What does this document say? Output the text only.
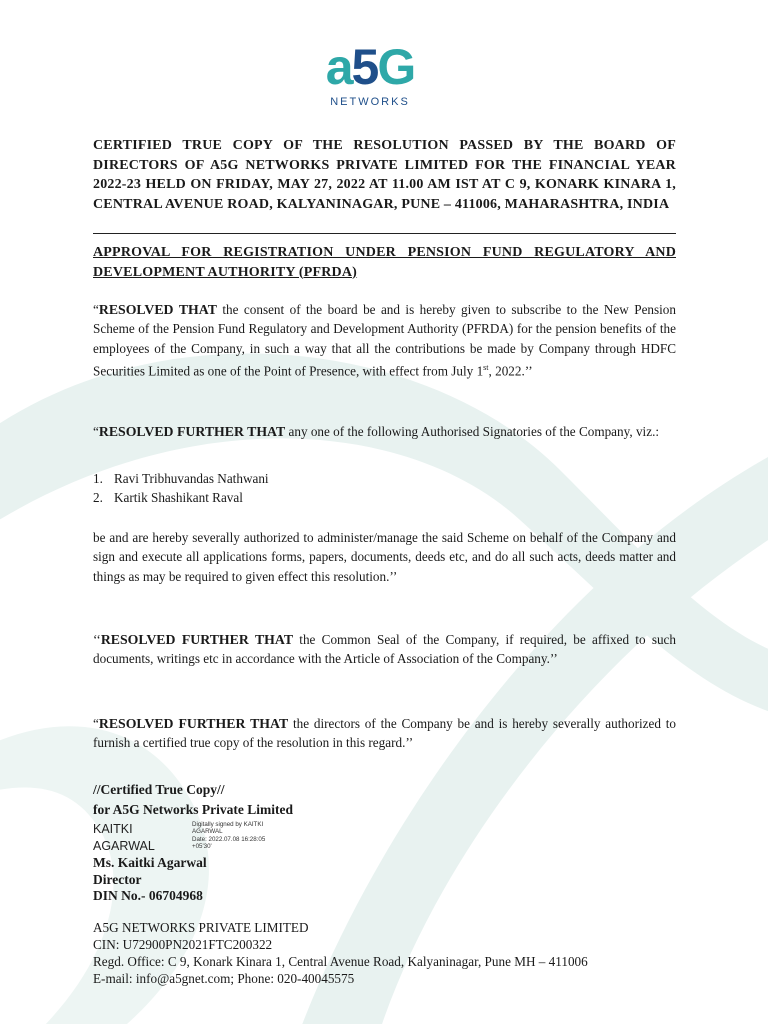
a5G
NETWORKS
CERTIFIED TRUE COPY OF THE RESOLUTION PASSED BY THE BOARD OF DIRECTORS OF A5G NETWORKS PRIVATE LIMITED FOR THE FINANCIAL YEAR 2022-23 HELD ON FRIDAY, MAY 27, 2022 AT 11.00 AM IST AT C 9, KONARK KINARA 1, CENTRAL AVENUE ROAD, KALYANINAGAR, PUNE – 411006, MAHARASHTRA, INDIA
APPROVAL FOR REGISTRATION UNDER PENSION FUND REGULATORY AND DEVELOPMENT AUTHORITY (PFRDA)

“RESOLVED THAT the consent of the board be and is hereby given to subscribe to the New Pension Scheme of the Pension Fund Regulatory and Development Authority (PFRDA) for the pension benefits of the employees of the Company, in such a way that all the contributions be made by Company through HDFC Securities Limited as one of the Point of Presence, with effect from July 1st, 2022.’’

“RESOLVED FURTHER THAT any one of the following Authorised Signatories of the Company, viz.:

1. Ravi Tribhuvandas Nathwani
2. Kartik Shashikant Raval

be and are hereby severally authorized to administer/manage the said Scheme on behalf of the Company and sign and execute all applications forms, papers, documents, deeds etc, and do all such acts, deeds matter and things as may be required to given effect this resolution.’’

‘‘RESOLVED FURTHER THAT the Common Seal of the Company, if required, be affixed to such documents, writings etc in accordance with the Article of Association of the Company.’’

“RESOLVED FURTHER THAT the directors of the Company be and is hereby severally authorized to furnish a certified true copy of the resolution in this regard.’’

//Certified True Copy//
for A5G Networks Private Limited
KAITKI
AGARWAL
Digitally signed by KAITKI
AGARWAL
Date: 2022.07.08 16:28:05
+05'30'
Ms. Kaitki Agarwal
Director
DIN No.- 06704968
A5G NETWORKS PRIVATE LIMITED
CIN: U72900PN2021FTC200322
Regd. Office: C 9, Konark Kinara 1, Central Avenue Road, Kalyaninagar, Pune MH – 411006
E-mail: info@a5gnet.com; Phone: 020-40045575
